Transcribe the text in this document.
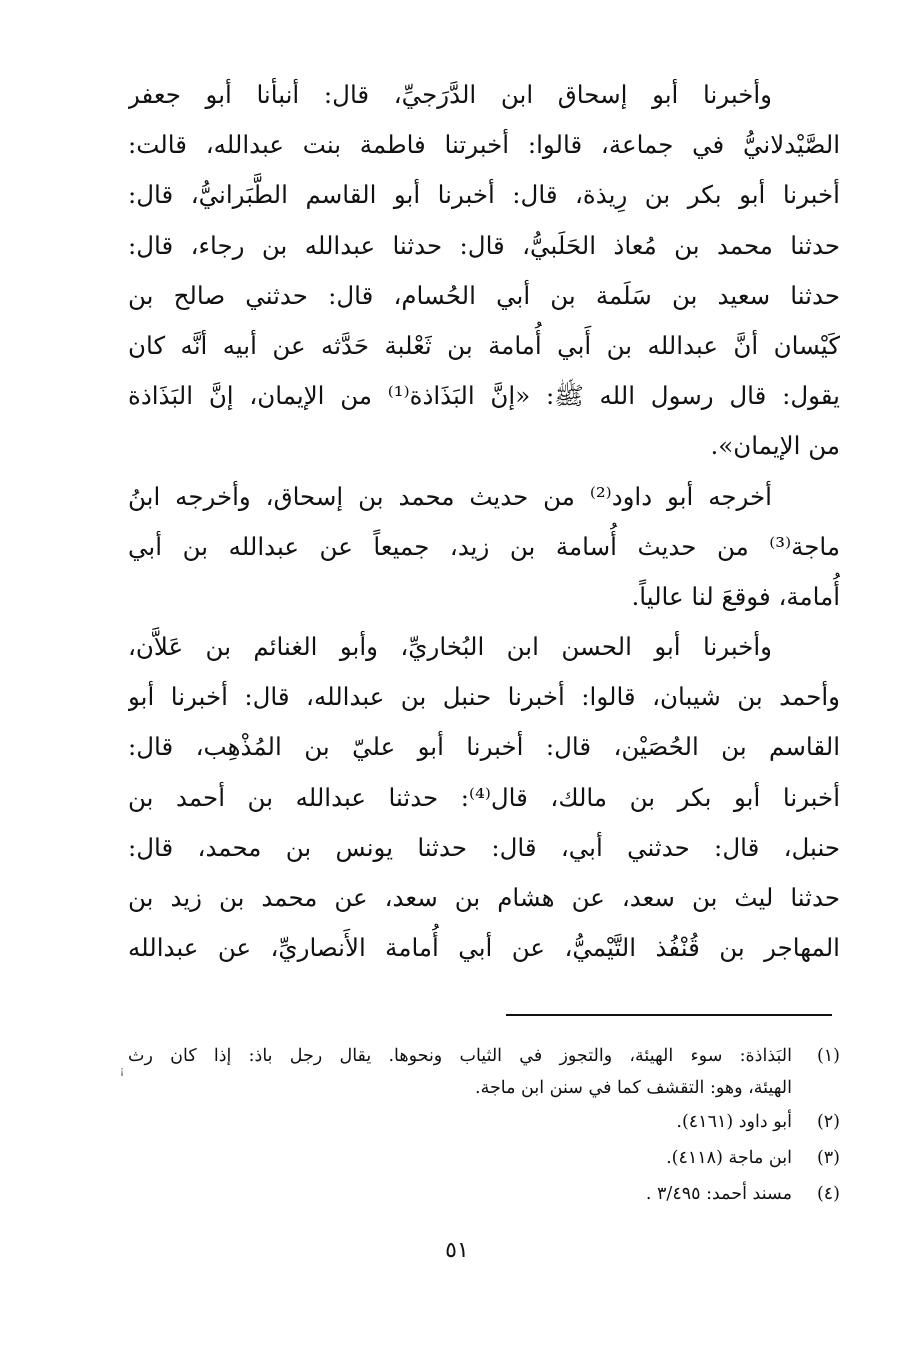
وأخبرنا أبو إسحاق ابن الدَّرَجيِّ، قال: أنبأنا أبو جعفر
الصَّيْدلانيُّ في جماعة، قالوا: أخبرتنا فاطمة بنت عبدالله، قالت:
أخبرنا أبو بكر بن رِيذة، قال: أخبرنا أبو القاسم الطَّبَرانيُّ، قال:
حدثنا محمد بن مُعاذ الحَلَبيُّ، قال: حدثنا عبدالله بن رجاء، قال:
حدثنا سعيد بن سَلَمة بن أبي الحُسام، قال: حدثني صالح بن
كَيْسان أنَّ عبدالله بن أَبي أُمامة بن ثَعْلبة حَدَّثه عن أبيه أنَّه كان
يقول: قال رسول الله ﷺ: «إنَّ البَذَاذة⁽¹⁾ من الإيمان، إنَّ البَذَاذة
من الإيمان».
أخرجه أبو داود⁽²⁾ من حديث محمد بن إسحاق، وأخرجه ابنُ
ماجة⁽³⁾ من حديث أُسامة بن زيد، جميعاً عن عبدالله بن أبي
أُمامة، فوقعَ لنا عالياً.
وأخبرنا أبو الحسن ابن البُخاريِّ، وأبو الغنائم بن عَلاَّن،
وأحمد بن شيبان، قالوا: أخبرنا حنبل بن عبدالله، قال: أخبرنا أبو
القاسم بن الحُصَيْن، قال: أخبرنا أبو عليّ بن المُذْهِب، قال:
أخبرنا أبو بكر بن مالك، قال⁽⁴⁾: حدثنا عبدالله بن أحمد بن
حنبل، قال: حدثني أبي، قال: حدثنا يونس بن محمد، قال:
حدثنا ليث بن سعد، عن هشام بن سعد، عن محمد بن زيد بن
المهاجر بن قُنْفُذ التَّيْميُّ، عن أبي أُمامة الأَنصاريِّ، عن عبدالله
(١)
البَذاذة: سوء الهيئة، والتجوز في الثياب ونحوها. يقال رجل باذ: إذا كان رث
الهيئة، وهو: التقشف كما في سنن ابن ماجة.
(٢)
أبو داود (٤١٦١).
(٣)
ابن ماجة (٤١١٨).
(٤)
مسند أحمد: ٣/٤٩٥ .
¡
٥١
